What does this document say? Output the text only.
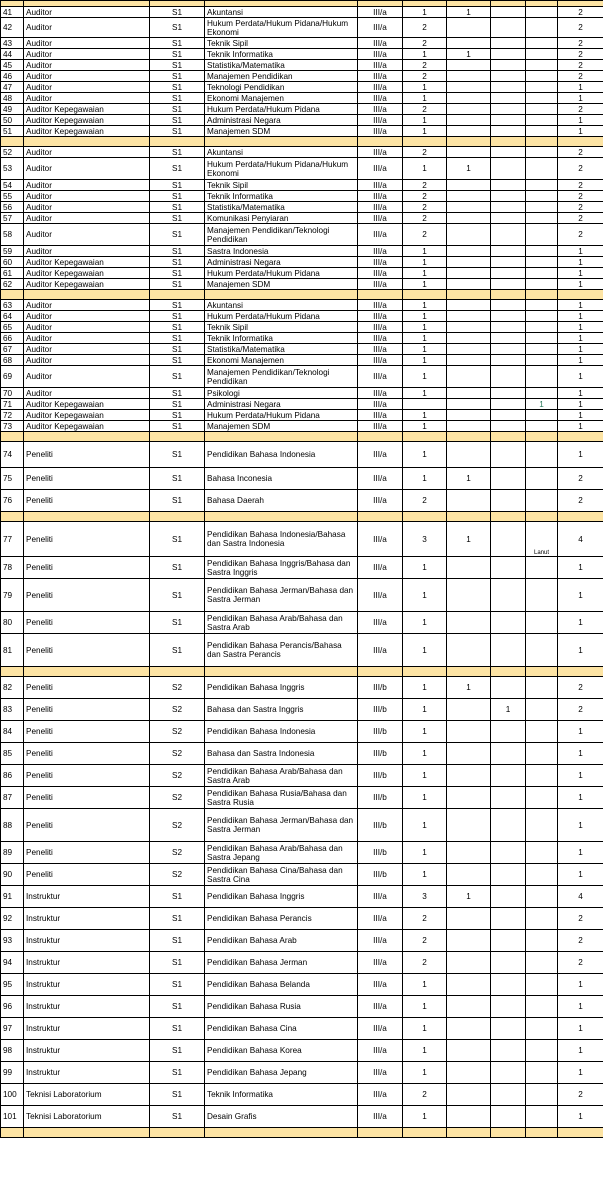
41	Auditor	S1	Akuntansi	III/a	1	1			2
42	Auditor	S1	Hukum Perdata/Hukum Pidana/Hukum Ekonomi	III/a	2				2
43	Auditor	S1	Teknik Sipil	III/a	2				2
44	Auditor	S1	Teknik Informatika	III/a	1	1			2
45	Auditor	S1	Statistika/Matematika	III/a	2				2
46	Auditor	S1	Manajemen Pendidikan	III/a	2				2
47	Auditor	S1	Teknologi Pendidikan	III/a	1				1
48	Auditor	S1	Ekonomi Manajemen	III/a	1				1
49	Auditor Kepegawaian	S1	Hukum Perdata/Hukum Pidana	III/a	2				2
50	Auditor Kepegawaian	S1	Administrasi Negara	III/a	1				1
51	Auditor Kepegawaian	S1	Manajemen SDM	III/a	1				1

52	Auditor	S1	Akuntansi	III/a	2				2
53	Auditor	S1	Hukum Perdata/Hukum Pidana/Hukum Ekonomi	III/a	1	1			2
54	Auditor	S1	Teknik Sipil	III/a	2				2
55	Auditor	S1	Teknik Informatika	III/a	2				2
56	Auditor	S1	Statistika/Matematika	III/a	2				2
57	Auditor	S1	Komunikasi Penyiaran	III/a	2				2
58	Auditor	S1	Manajemen Pendidikan/Teknologi Pendidikan	III/a	2				2
59	Auditor	S1	Sastra Indonesia	III/a	1				1
60	Auditor Kepegawaian	S1	Administrasi Negara	III/a	1				1
61	Auditor Kepegawaian	S1	Hukum Perdata/Hukum Pidana	III/a	1				1
62	Auditor Kepegawaian	S1	Manajemen SDM	III/a	1				1

63	Auditor	S1	Akuntansi	III/a	1				1
64	Auditor	S1	Hukum Perdata/Hukum Pidana	III/a	1				1
65	Auditor	S1	Teknik Sipil	III/a	1				1
66	Auditor	S1	Teknik Informatika	III/a	1				1
67	Auditor	S1	Statistika/Matematika	III/a	1				1
68	Auditor	S1	Ekonomi Manajemen	III/a	1				1
69	Auditor	S1	Manajemen Pendidikan/Teknologi Pendidikan	III/a	1				1
70	Auditor	S1	Psikologi	III/a	1				1
71	Auditor Kepegawaian	S1	Administrasi Negara	III/a				1	1
72	Auditor Kepegawaian	S1	Hukum Perdata/Hukum Pidana	III/a	1				1
73	Auditor Kepegawaian	S1	Manajemen SDM	III/a	1				1

74	Peneliti	S1	Pendidikan Bahasa Indonesia	III/a	1				1
75	Peneliti	S1	Bahasa Inconesia	III/a	1	1			2
76	Peneliti	S1	Bahasa Daerah	III/a	2				2

77	Peneliti	S1	Pendidikan Bahasa Indonesia/Bahasa dan Sastra Indonesia	III/a	3	1		Lanut	4
78	Peneliti	S1	Pendidikan Bahasa Inggris/Bahasa dan Sastra Inggris	III/a	1				1
79	Peneliti	S1	Pendidikan Bahasa Jerman/Bahasa dan Sastra Jerman	III/a	1				1
80	Peneliti	S1	Pendidikan Bahasa Arab/Bahasa dan Sastra Arab	III/a	1				1
81	Peneliti	S1	Pendidikan Bahasa Perancis/Bahasa dan Sastra Perancis	III/a	1				1

82	Peneliti	S2	Pendidikan Bahasa Inggris	III/b	1	1			2
83	Peneliti	S2	Bahasa dan Sastra Inggris	III/b	1		1		2
84	Peneliti	S2	Pendidikan Bahasa Indonesia	III/b	1				1
85	Peneliti	S2	Bahasa dan Sastra Indonesia	III/b	1				1
86	Peneliti	S2	Pendidikan Bahasa Arab/Bahasa dan Sastra Arab	III/b	1				1
87	Peneliti	S2	Pendidikan Bahasa Rusia/Bahasa dan Sastra Rusia	III/b	1				1
88	Peneliti	S2	Pendidikan Bahasa Jerman/Bahasa dan Sastra Jerman	III/b	1				1
89	Peneliti	S2	Pendidikan Bahasa Arab/Bahasa dan Sastra Jepang	III/b	1				1
90	Peneliti	S2	Pendidikan Bahasa Cina/Bahasa dan Sastra Cina	III/b	1				1
91	Instruktur	S1	Pendidikan Bahasa Inggris	III/a	3	1			4
92	Instruktur	S1	Pendidikan Bahasa Perancis	III/a	2				2
93	Instruktur	S1	Pendidikan Bahasa Arab	III/a	2				2
94	Instruktur	S1	Pendidikan Bahasa Jerman	III/a	2				2
95	Instruktur	S1	Pendidikan Bahasa Belanda	III/a	1				1
96	Instruktur	S1	Pendidikan Bahasa Rusia	III/a	1				1
97	Instruktur	S1	Pendidikan Bahasa Cina	III/a	1				1
98	Instruktur	S1	Pendidikan Bahasa Korea	III/a	1				1
99	Instruktur	S1	Pendidikan Bahasa Jepang	III/a	1				1
100	Teknisi Laboratorium	S1	Teknik Informatika	III/a	2				2
101	Teknisi Laboratorium	S1	Desain Grafis	III/a	1				1
